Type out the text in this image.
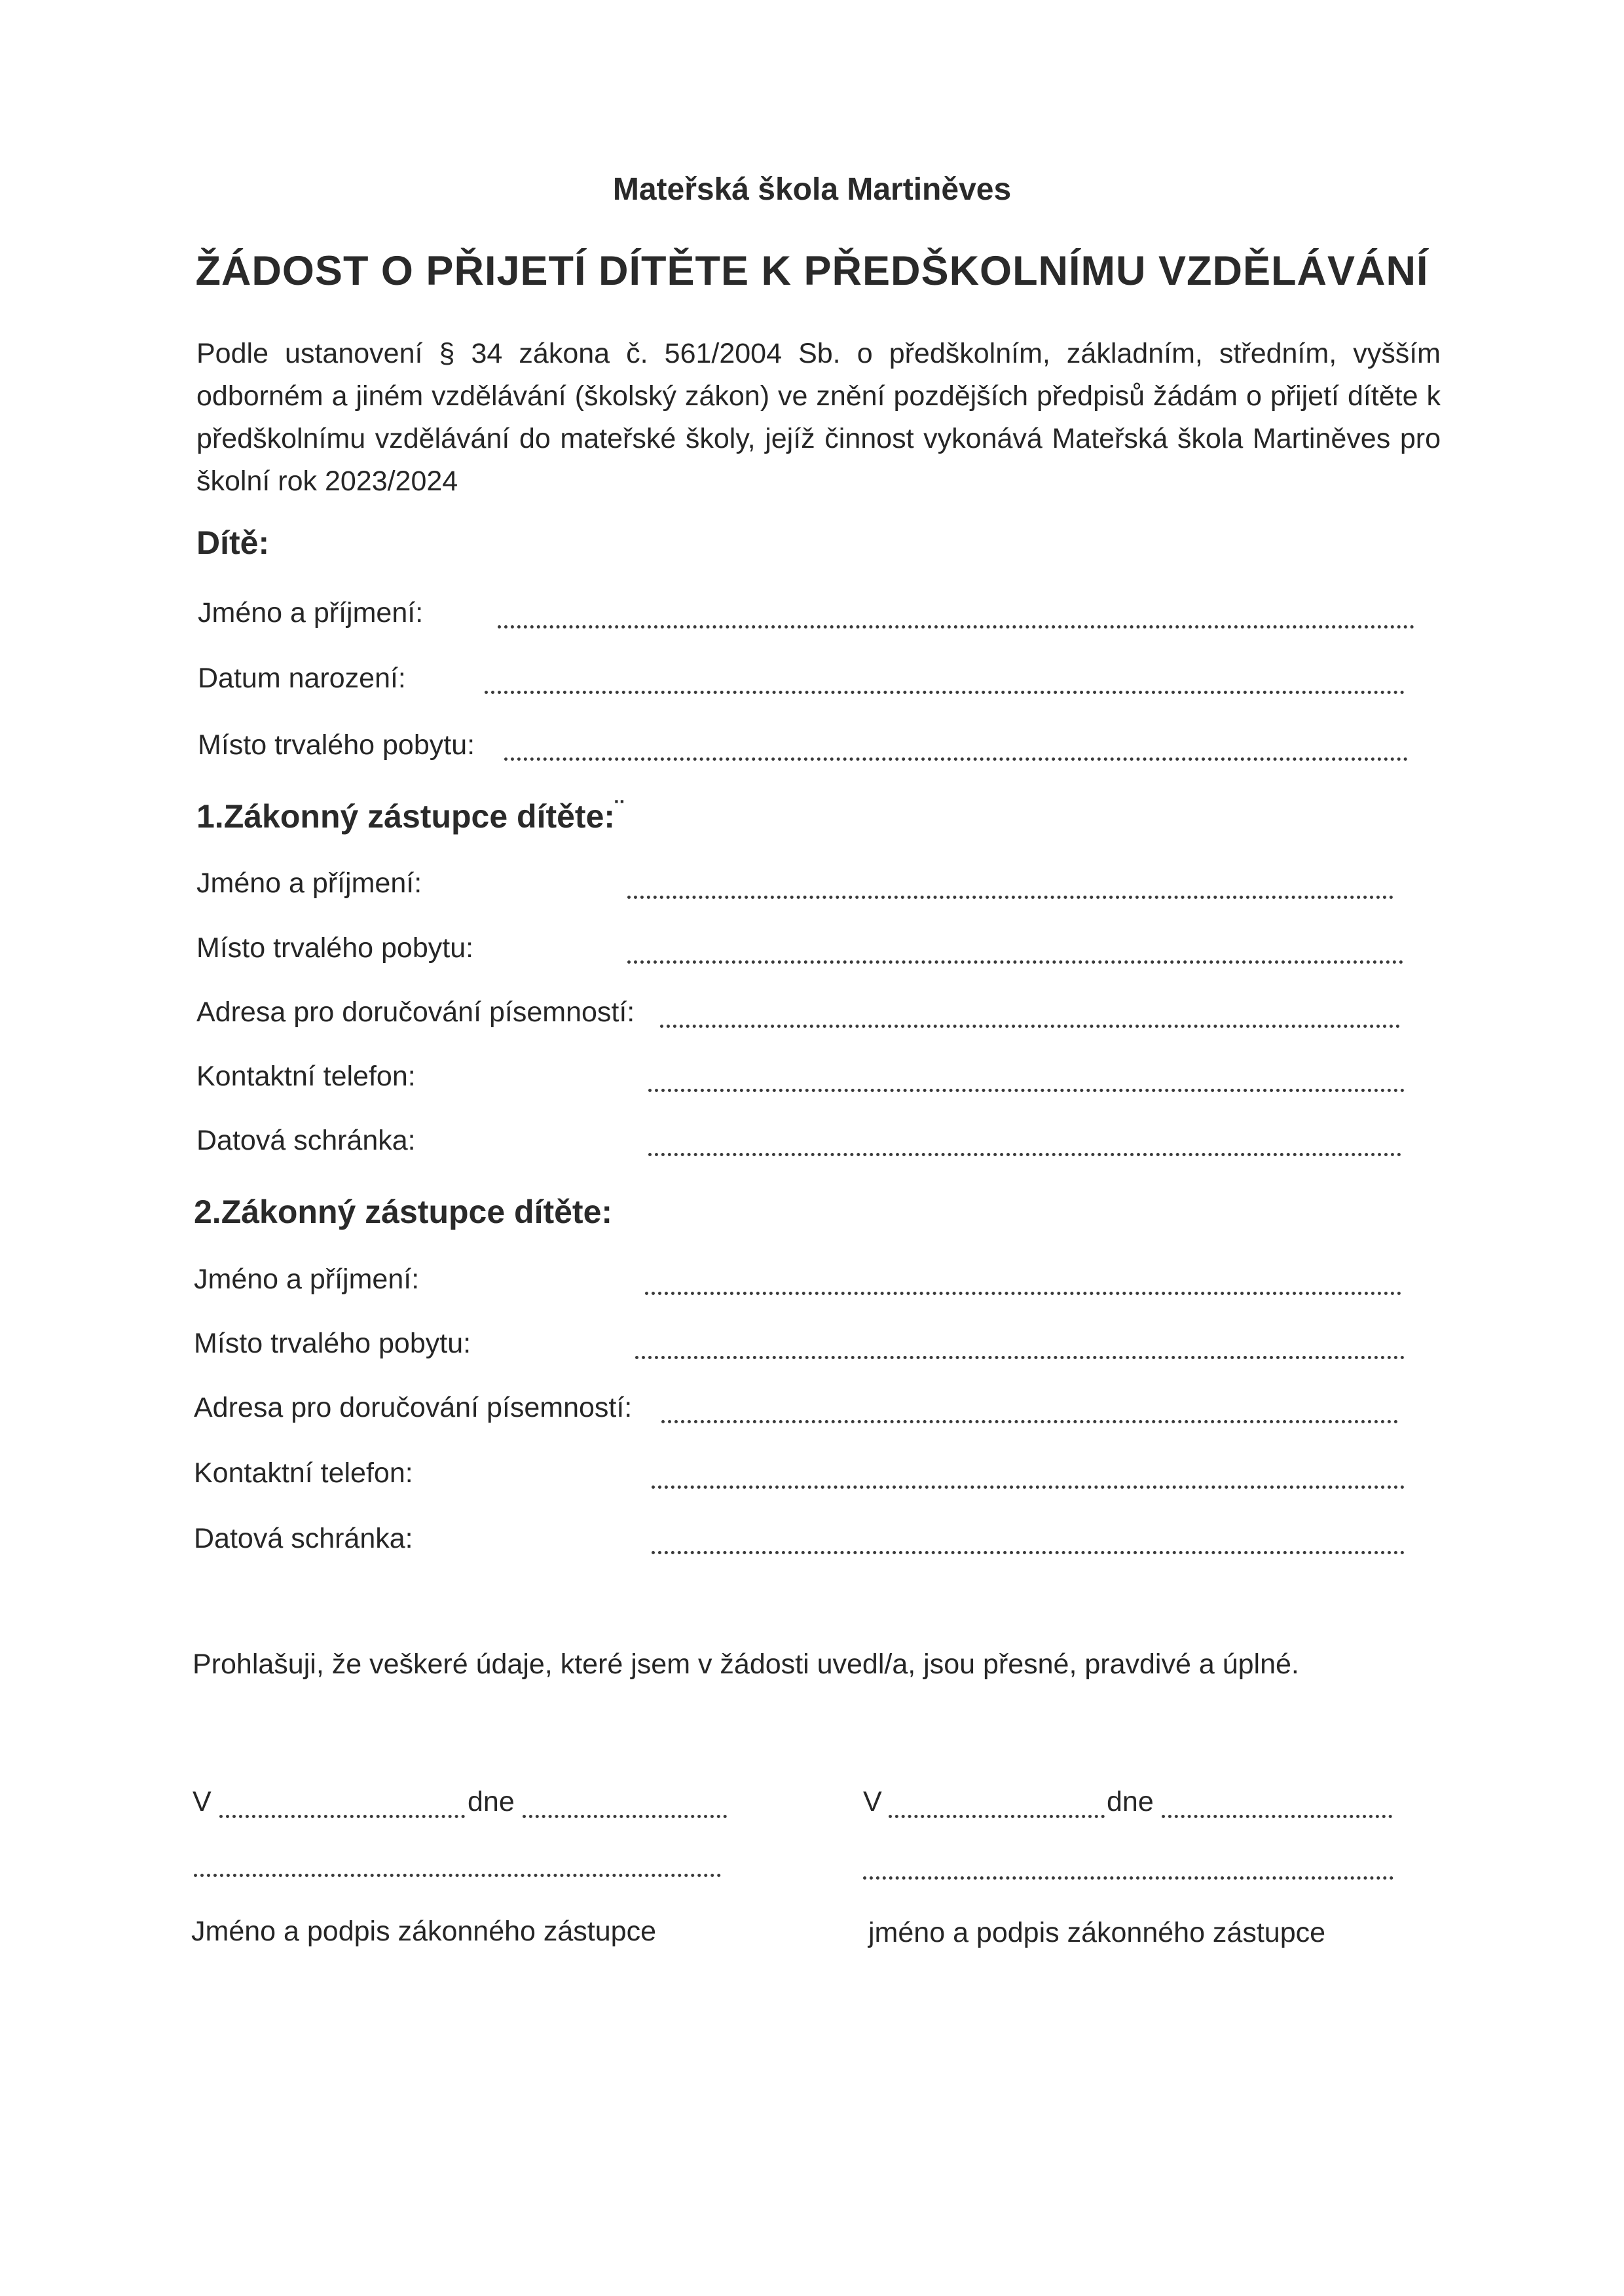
Mateřská škola Martiněves
ŽÁDOST O PŘIJETÍ DÍTĚTE K PŘEDŠKOLNÍMU VZDĚLÁVÁNÍ
Podle ustanovení § 34 zákona č. 561/2004 Sb. o předškolním, základním, středním, vyšším odborném a jiném vzdělávání (školský zákon) ve znění pozdějších předpisů žádám o přijetí dítěte k předškolnímu vzdělávání do mateřské školy, jejíž činnost vykonává Mateřská škola Martiněves pro školní rok 2023/2024
Dítě:
Jméno a příjmení:
Datum narození:
Místo trvalého pobytu:
1.Zákonný zástupce dítěte:¨
Jméno a příjmení:
Místo trvalého pobytu:
Adresa pro doručování písemností:
Kontaktní telefon:
Datová schránka:
2.Zákonný zástupce dítěte:
Jméno a příjmení:
Místo trvalého pobytu:
Adresa pro doručování písemností:
Kontaktní telefon:
Datová schránka:
Prohlašuji, že veškeré údaje, které jsem v žádosti uvedl/a, jsou přesné, pravdivé a úplné.
V	dne
Jméno a podpis zákonného zástupce
V	dne
jméno a podpis zákonného zástupce
